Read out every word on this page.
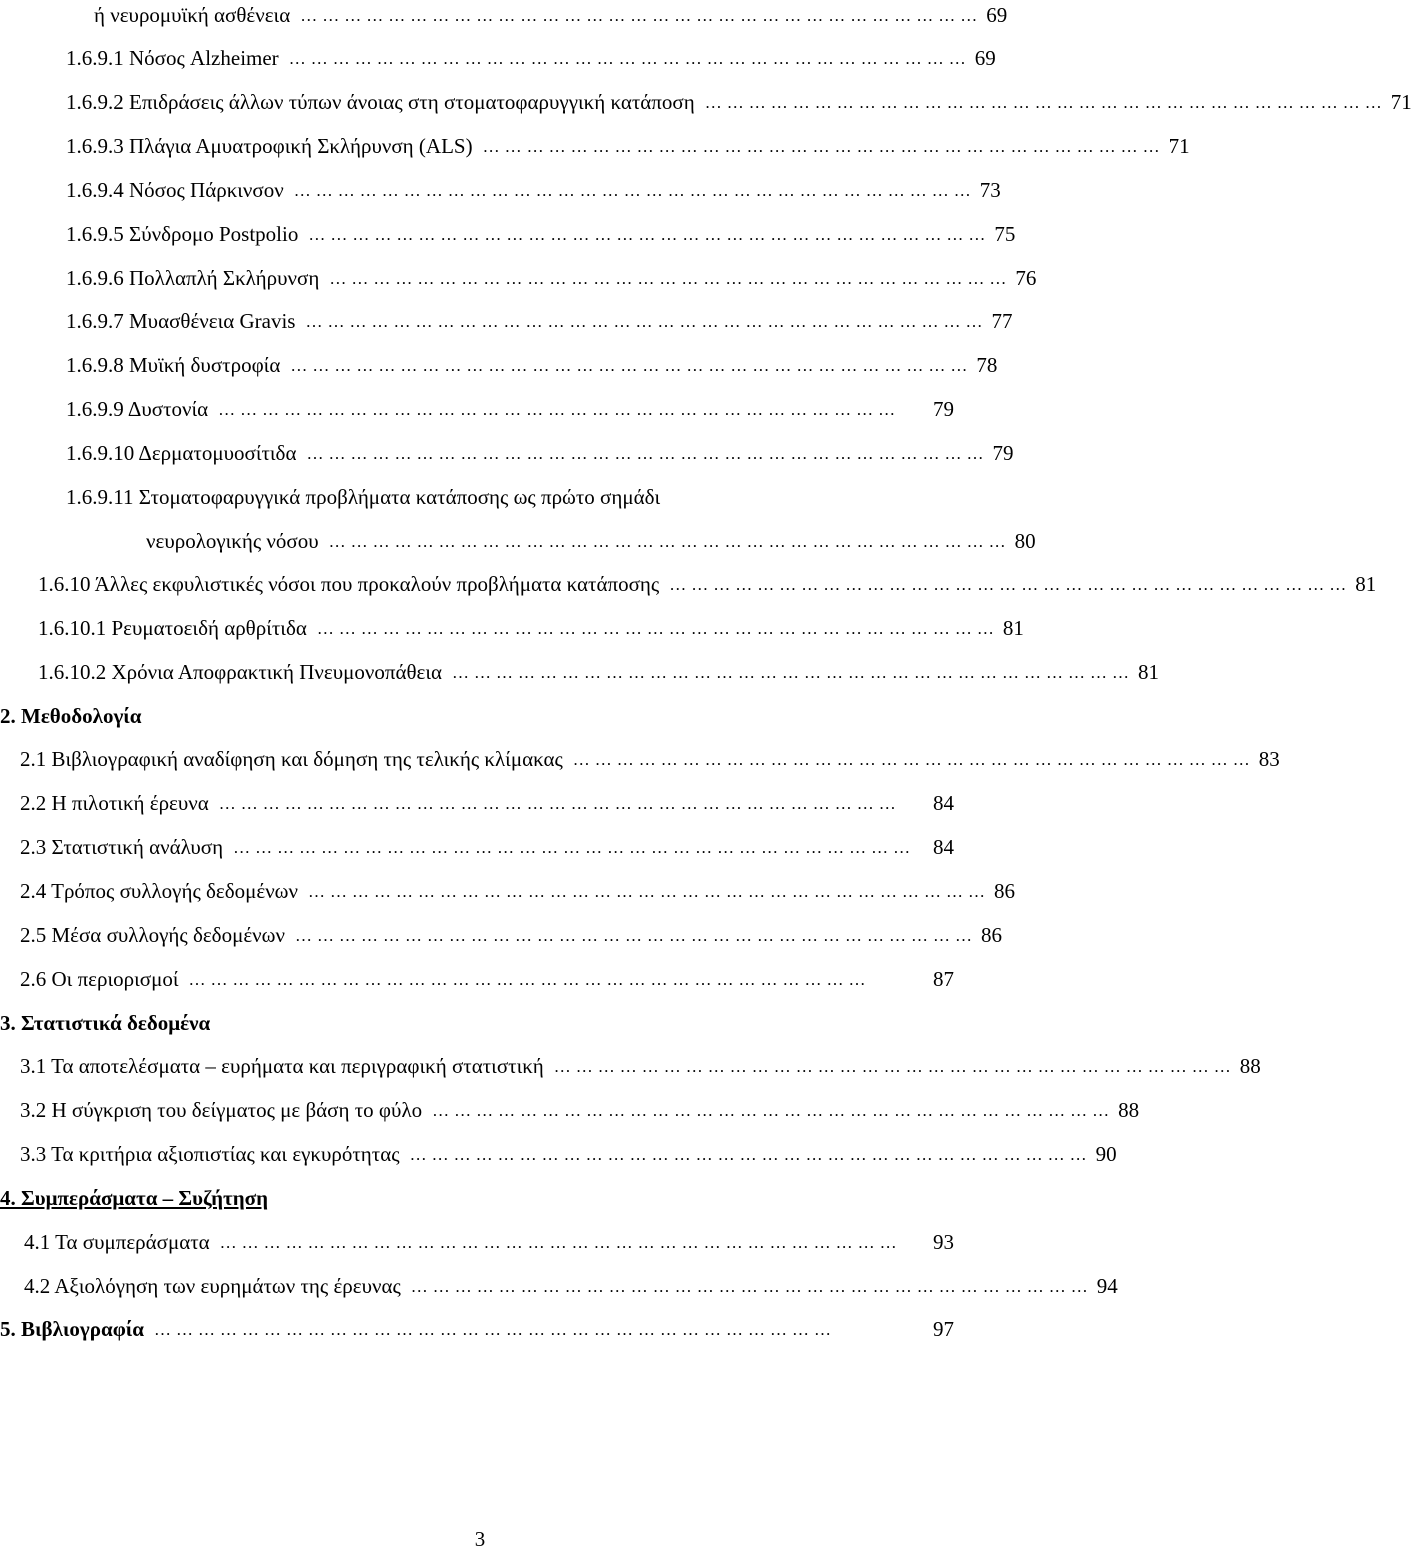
ή νευρομυϊκή ασθένεια ………………………………………………………………………………… 69
1.6.9.1 Νόσος Alzheimer ………………………………………………………………………………… 69
1.6.9.2 Επιδράσεις άλλων τύπων άνοιας στη στοματοφαρυγγική κατάποση ………………………………………………………………………………… 71
1.6.9.3 Πλάγια Αμυατροφική Σκλήρυνση (ALS) ………………………………………………………………………………… 71
1.6.9.4 Νόσος Πάρκινσον ………………………………………………………………………………… 73
1.6.9.5 Σύνδρομο Postpolio ………………………………………………………………………………… 75
1.6.9.6 Πολλαπλή Σκλήρυνση ………………………………………………………………………………… 76
1.6.9.7 Μυασθένεια Gravis ………………………………………………………………………………… 77
1.6.9.8 Μυϊκή δυστροφία ………………………………………………………………………………… 78
1.6.9.9 Δυστονία …………………………………………………………………………………	79
1.6.9.10 Δερματομυοσίτιδα ………………………………………………………………………………… 79
1.6.9.11 Στοματοφαρυγγικά προβλήματα κατάποσης ως πρώτο σημάδι
νευρολογικής νόσου ………………………………………………………………………………… 80
1.6.10 Άλλες εκφυλιστικές νόσοι που προκαλούν προβλήματα κατάποσης ………………………………………………………………………………… 81
1.6.10.1 Ρευματοειδή αρθρίτιδα ………………………………………………………………………………… 81
1.6.10.2 Χρόνια Αποφρακτική Πνευμονοπάθεια ………………………………………………………………………………… 81
2. Μεθοδολογία
2.1 Βιβλιογραφική αναδίφηση και δόμηση της τελικής κλίμακας ………………………………………………………………………………… 83
2.2 Η πιλοτική έρευνα …………………………………………………………………………………	84
2.3 Στατιστική ανάλυση ………………………………………………………………………………… 84
2.4 Τρόπος συλλογής δεδομένων ………………………………………………………………………………… 86
2.5 Μέσα συλλογής δεδομένων ………………………………………………………………………………… 86
2.6 Οι περιορισμοί …………………………………………………………………………………	87
3. Στατιστικά δεδομένα
3.1 Τα αποτελέσματα – ευρήματα και περιγραφική στατιστική ………………………………………………………………………………… 88
3.2 Η σύγκριση του δείγματος με βάση το φύλο ………………………………………………………………………………… 88
3.3 Τα κριτήρια αξιοπιστίας και εγκυρότητας ………………………………………………………………………………… 90
4. Συμπεράσματα – Συζήτηση
4.1 Τα συμπεράσματα …………………………………………………………………………………	93
4.2 Αξιολόγηση των ευρημάτων της έρευνας ………………………………………………………………………………… 94
5. Βιβλιογραφία …………………………………………………………………………………	97
3
